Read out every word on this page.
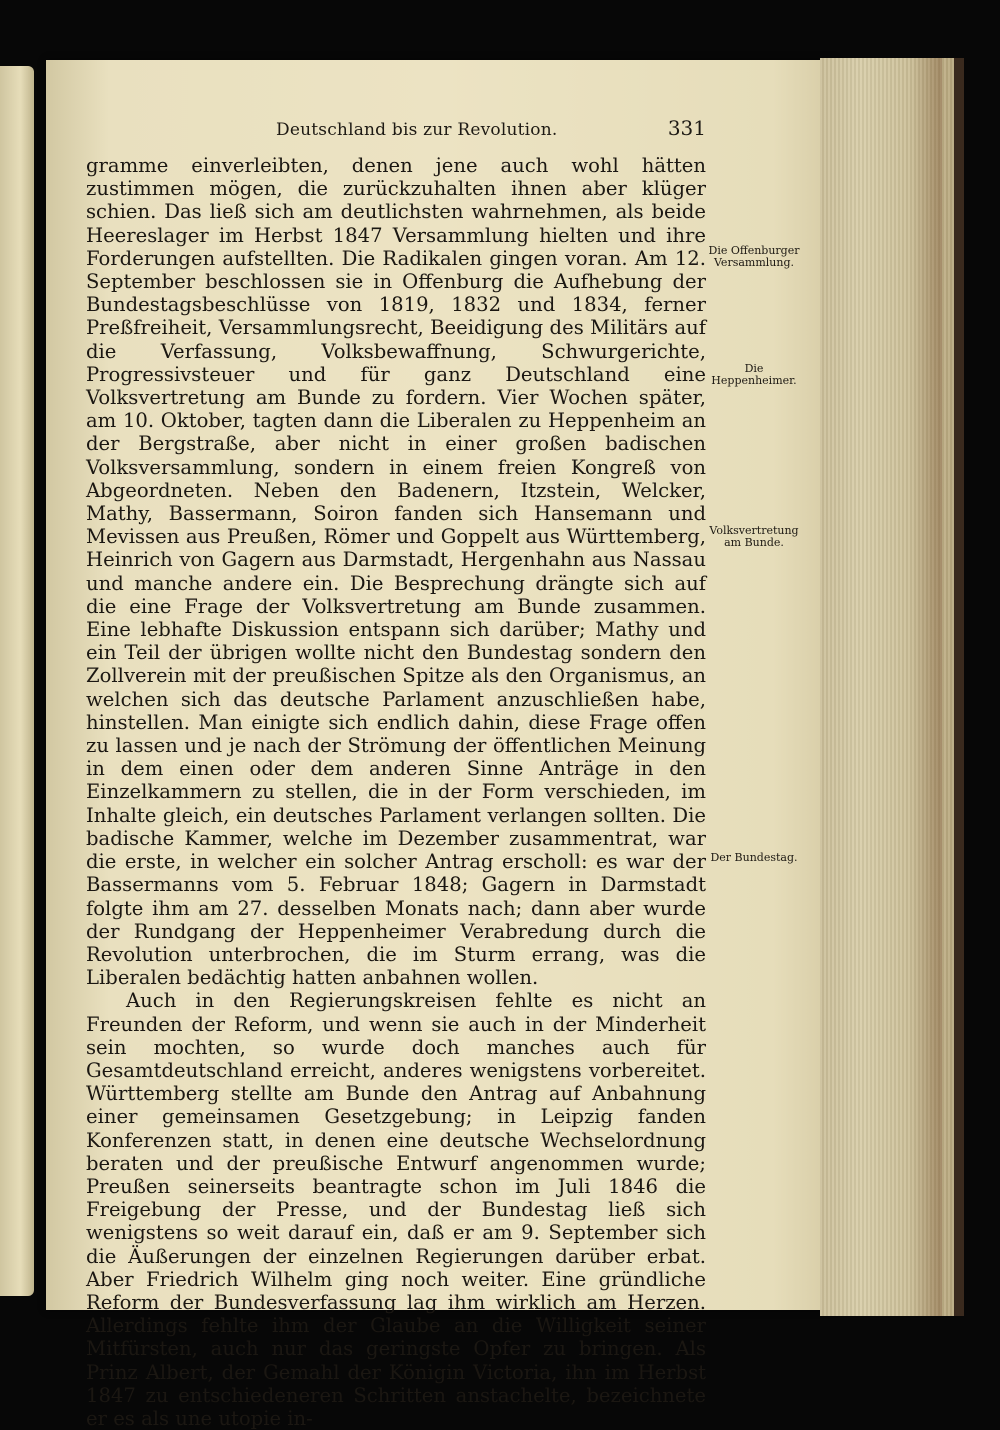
Deutschland bis zur Revolution.	331

gramme einverleibten, denen jene auch wohl hätten zustimmen mögen, die zurückzuhalten ihnen aber klüger schien. Das ließ sich am deutlichsten wahrnehmen, als beide Heereslager im Herbst 1847 Versammlung hielten und ihre Forderungen aufstellten. Die Radikalen gingen voran. Am 12. September beschlossen sie in Offenburg die Aufhebung der Bundestagsbeschlüsse von 1819, 1832 und 1834, ferner Preßfreiheit, Versammlungsrecht, Beeidigung des Militärs auf die Verfassung, Volksbewaffnung, Schwurgerichte, Progressivsteuer und für ganz Deutschland eine Volksvertretung am Bunde zu fordern. Vier Wochen später, am 10. Oktober, tagten dann die Liberalen zu Heppenheim an der Bergstraße, aber nicht in einer großen badischen Volksversammlung, sondern in einem freien Kongreß von Abgeordneten. Neben den Badenern, Itzstein, Welcker, Mathy, Bassermann, Soiron fanden sich Hansemann und Mevissen aus Preußen, Römer und Goppelt aus Württemberg, Heinrich von Gagern aus Darmstadt, Hergenhahn aus Nassau und manche andere ein. Die Besprechung drängte sich auf die eine Frage der Volksvertretung am Bunde zusammen. Eine lebhafte Diskussion entspann sich darüber; Mathy und ein Teil der übrigen wollte nicht den Bundestag sondern den Zollverein mit der preußischen Spitze als den Organismus, an welchen sich das deutsche Parlament anzuschließen habe, hinstellen. Man einigte sich endlich dahin, diese Frage offen zu lassen und je nach der Strömung der öffentlichen Meinung in dem einen oder dem anderen Sinne Anträge in den Einzelkammern zu stellen, die in der Form verschieden, im Inhalte gleich, ein deutsches Parlament verlangen sollten. Die badische Kammer, welche im Dezember zusammentrat, war die erste, in welcher ein solcher Antrag erscholl: es war der Bassermanns vom 5. Februar 1848; Gagern in Darmstadt folgte ihm am 27. desselben Monats nach; dann aber wurde der Rundgang der Heppenheimer Verabredung durch die Revolution unterbrochen, die im Sturm errang, was die Liberalen bedächtig hatten anbahnen wollen.

Auch in den Regierungskreisen fehlte es nicht an Freunden der Reform, und wenn sie auch in der Minderheit sein mochten, so wurde doch manches auch für Gesamtdeutschland erreicht, anderes wenigstens vorbereitet. Württemberg stellte am Bunde den Antrag auf Anbahnung einer gemeinsamen Gesetzgebung; in Leipzig fanden Konferenzen statt, in denen eine deutsche Wechselordnung beraten und der preußische Entwurf angenommen wurde; Preußen seinerseits beantragte schon im Juli 1846 die Freigebung der Presse, und der Bundestag ließ sich wenigstens so weit darauf ein, daß er am 9. September sich die Äußerungen der einzelnen Regierungen darüber erbat. Aber Friedrich Wilhelm ging noch weiter. Eine gründliche Reform der Bundesverfassung lag ihm wirklich am Herzen. Allerdings fehlte ihm der Glaube an die Willigkeit seiner Mitfürsten, auch nur das geringste Opfer zu bringen. Als Prinz Albert, der Gemahl der Königin Victoria, ihn im Herbst 1847 zu entschiedeneren Schritten anstachelte, bezeichnete er es als une utopie in-

Die Offenburger Versammlung.
Die Heppenheimer.
Volksvertretung am Bunde.
Der Bundestag.
